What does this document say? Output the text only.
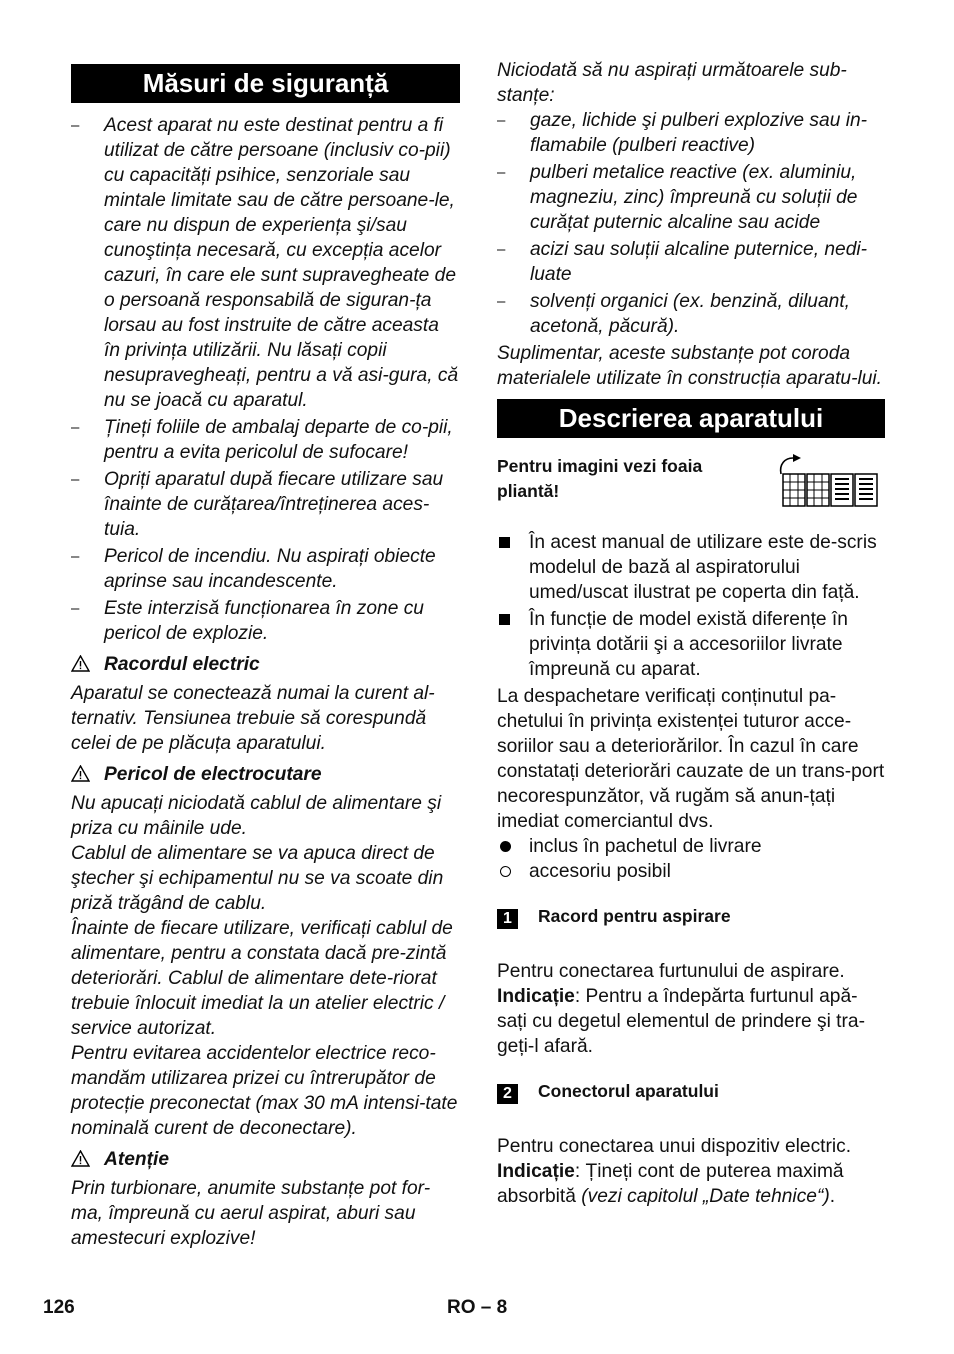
Măsuri de siguranță
– Acest aparat nu este destinat pentru a fi utilizat de către persoane (inclusiv co-pii) cu capacități psihice, senzoriale sau mintale limitate sau de către persoane-le, care nu dispun de experiența şi/sau cunoştința necesară, cu excepția acelor cazuri, în care ele sunt supravegheate de o persoană responsabilă de siguran-ța lorsau au fost instruite de către aceasta în privința utilizării. Nu lăsați copii nesupravegheați, pentru a vă asi-gura, că nu se joacă cu aparatul.
– Țineți foliile de ambalaj departe de co-pii, pentru a evita pericolul de sufocare!
– Opriți aparatul după fiecare utilizare sau înainte de curățarea/întreținerea aces-tuia.
– Pericol de incendiu. Nu aspirați obiecte aprinse sau incandescente.
– Este interzisă funcționarea în zone cu pericol de explozie.
Racordul electric

Aparatul se conectează numai la curent al-ternativ. Tensiunea trebuie să corespundă celei de pe plăcuța aparatului.

Pericol de electrocutare

Nu apucați niciodată cablul de alimentare şi priza cu mâinile ude.

Cablul de alimentare se va apuca direct de ştecher şi echipamentul nu se va scoate din priză trăgând de cablu.

Înainte de fiecare utilizare, verificați cablul de alimentare, pentru a constata dacă pre-zintă deteriorări. Cablul de alimentare dete-riorat trebuie înlocuit imediat la un atelier electric / service autorizat.

Pentru evitarea accidentelor electrice reco-mandăm utilizarea prizei cu întrerupător de protecție preconectat (max 30 mA intensi-tate nominală curent de deconectare).

Atenție

Prin turbionare, anumite substanțe pot for-ma, împreună cu aerul aspirat, aburi sau amestecuri explozive!

Niciodată să nu aspirați următoarele sub-stanțe:

– gaze, lichide şi pulberi explozive sau in-flamabile (pulberi reactive)
– pulberi metalice reactive (ex. aluminiu, magneziu, zinc) împreună cu soluții de curățat puternic alcaline sau acide
– acizi sau soluții alcaline puternice, nedi-luate
– solvenți organici (ex. benzină, diluant, acetonă, păcură).

Suplimentar, aceste substanțe pot coroda materialele utilizate în construcția aparatu-lui.

Descrierea aparatului
Pentru imagini vezi foaia pliantă!
În acest manual de utilizare este de-scris modelul de bază al aspiratorului umed/uscat ilustrat pe coperta din față.
În funcție de model există diferențe în privința dotării şi a accesoriilor livrate împreună cu aparat.

La despachetare verificați conținutul pa-chetului în privința existenței tuturor acce-soriilor sau a deteriorărilor. În cazul în care constatați deteriorări cauzate de un trans-port necorespunzător, vă rugăm să anun-țați imediat comerciantul dvs.

inclus în pachetul de livrare
accesoriu posibil
1	Racord pentru aspirare

Pentru conectarea furtunului de aspirare.

Indicație: Pentru a îndepărta furtunul apă-sați cu degetul elementul de prindere şi tra-geți-l afară.

2	Conectorul aparatului

Pentru conectarea unui dispozitiv electric.

Indicație: Țineți cont de puterea maximă absorbită (vezi capitolul „Date tehnice“).

126	RO – 8
